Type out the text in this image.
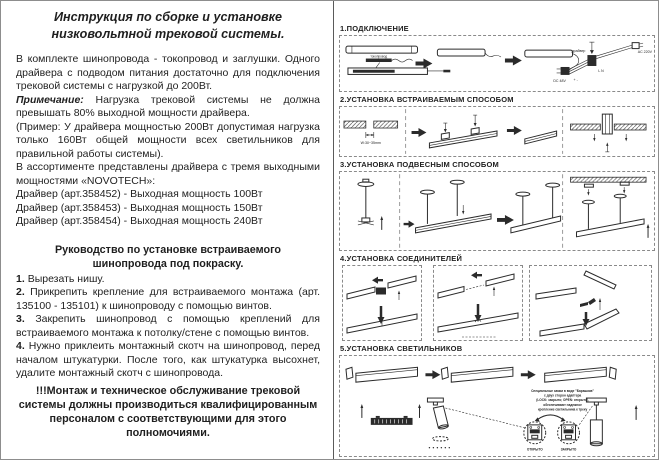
Инструкция по сборке и установке низковольтной трековой системы.

В комплекте шинопровода - токопровод и заглушки. Одного драйвера с подводом питания достаточно для подключения трековой системы с нагрузкой до 200Вт.

Примечание: Нагрузка трековой системы не должна превышать 80% выходной мощности драйвера.

(Пример: У драйвера мощностью 200Вт допустимая нагрузка только 160Вт общей мощности всех светильников для правильной работы системы).

В ассортименте представлены драйвера с тремя выходными мощностями «NOVOTECH»:

Драйвер (арт.358452) - Выходная мощность 100Вт

Драйвер (арт.358453) - Выходная мощность 150Вт

Драйвер (арт.358454) - Выходная мощность 240Вт

Руководство по установке встраиваемого шинопровода под покраску.

1. Вырезать нишу.

2. Прикрепить крепление для встраиваемого монтажа (арт. 135100 - 135101) к шинопроводу с помощью винтов.

3. Закрепить шинопровод с помощью креплений для встраиваемого монтажа к потолку/стене с помощью винтов.

4. Нужно приклеить монтажный скотч на шинопровод, перед началом штукатурки. После того, как штукатурка высохнет, удалите монтажный скотч с шинопровода.

!!!Монтаж и техническое обслуживание трековой системы должны производиться квалифицированным персоналом с соответствующими для этого полномочиями.
1.ПОДКЛЮЧЕНИЕ
токопровод
DC 48V + -
драйвер
L N
AC 220V
2.УСТАНОВКА ВСТРАИВАЕМЫМ СПОСОБОМ
W:30~35mm
3.УСТАНОВКА ПОДВЕСНЫМ СПОСОБОМ
4.УСТАНОВКА СОЕДИНИТЕЛЕЙ
5.УСТАНОВКА СВЕТИЛЬНИКОВ
Специальные замки в виде "Барашков"
с двух сторон адаптера
(LOCK: закрыто; OPEN: открыто),
обеспечивают надежное
крепление светильника к треку
ОТКРЫТО	ЗАКРЫТО
